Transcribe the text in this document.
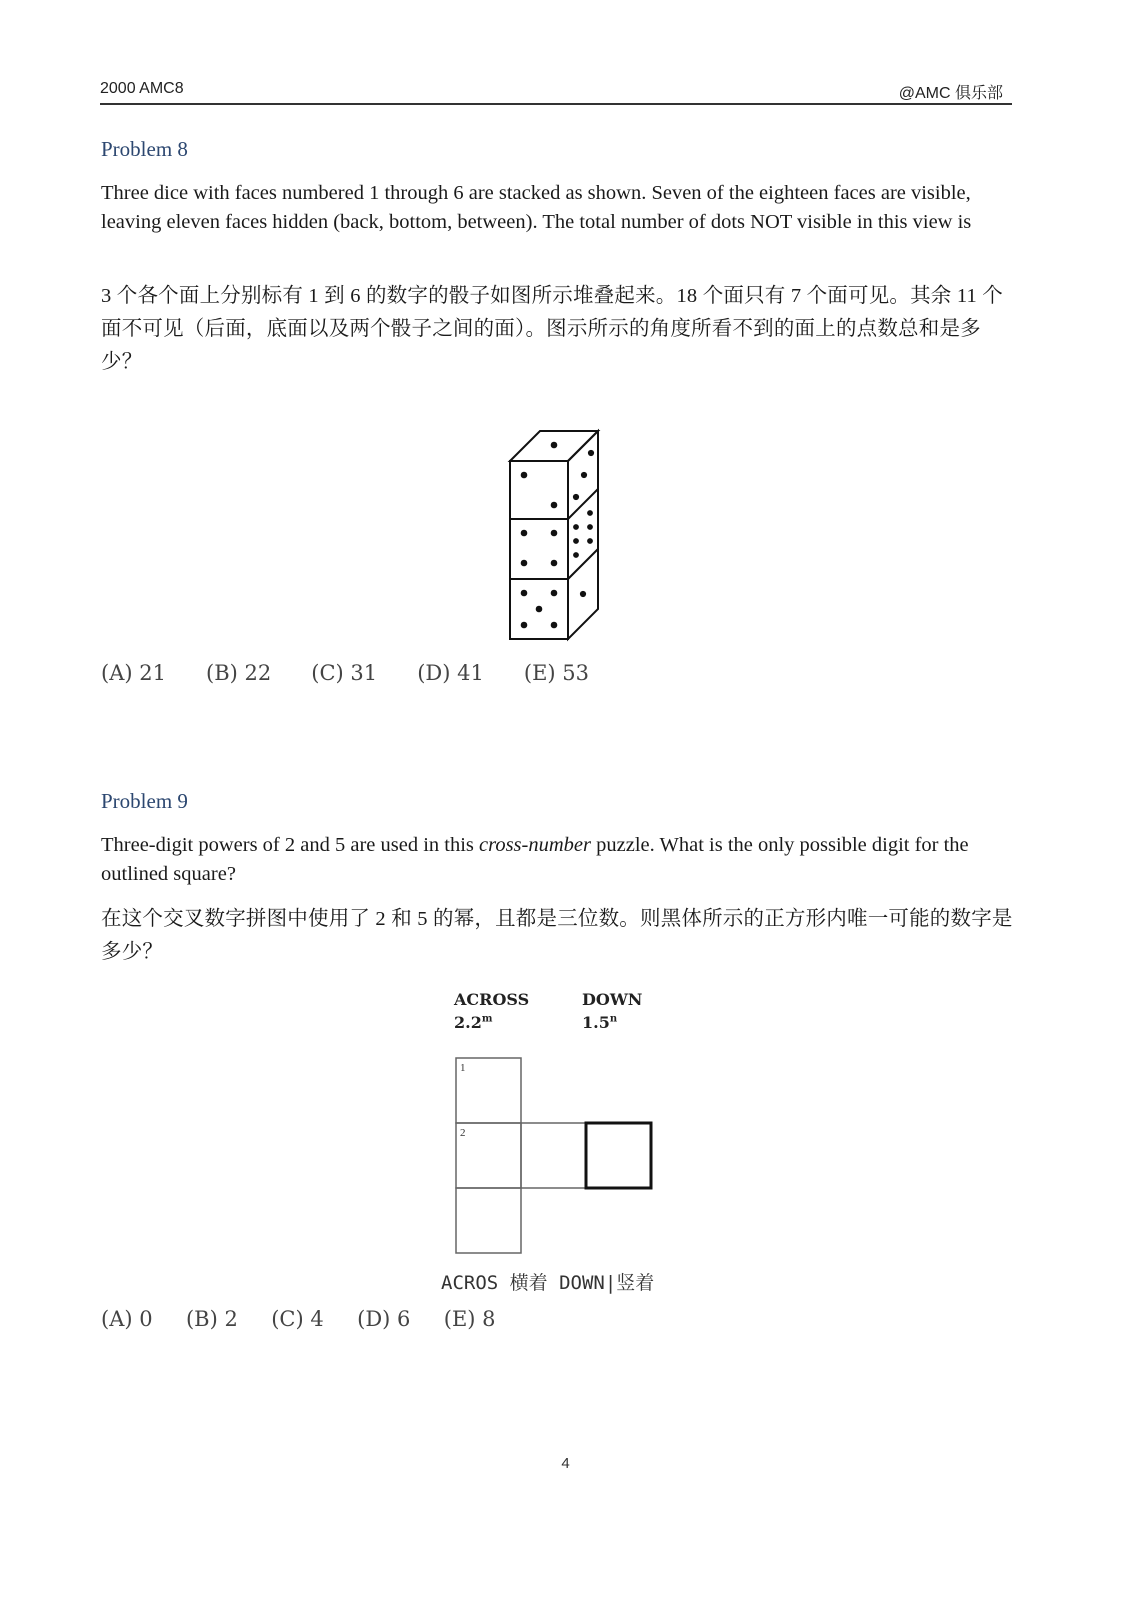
2000 AMC8	@AMC 俱乐部
Problem 8
Three dice with faces numbered 1 through 6 are stacked as shown. Seven of the eighteen faces are visible, leaving eleven faces hidden (back, bottom, between). The total number of dots NOT visible in this view is
3 个各个面上分别标有 1 到 6 的数字的骰子如图所示堆叠起来。18 个面只有 7 个面可见。其余 11 个面不可见（后面，底面以及两个骰子之间的面）。图示所示的角度所看不到的面上的点数总和是多少？
(A) 21 (B) 22 (C) 31 (D) 41 (E) 53
Problem 9
Three-digit powers of 2 and 5 are used in this cross-number puzzle. What is the only possible digit for the outlined square?
在这个交叉数字拼图中使用了 2 和 5 的幂，且都是三位数。则黑体所示的正方形内唯一可能的数字是多少？
ACROSS
2.2$^m$
DOWN
1.5$^n$
1
2
ACROS 横着 DOWN|竖着
(A) 0 (B) 2 (C) 4 (D) 6 (E) 8
4
